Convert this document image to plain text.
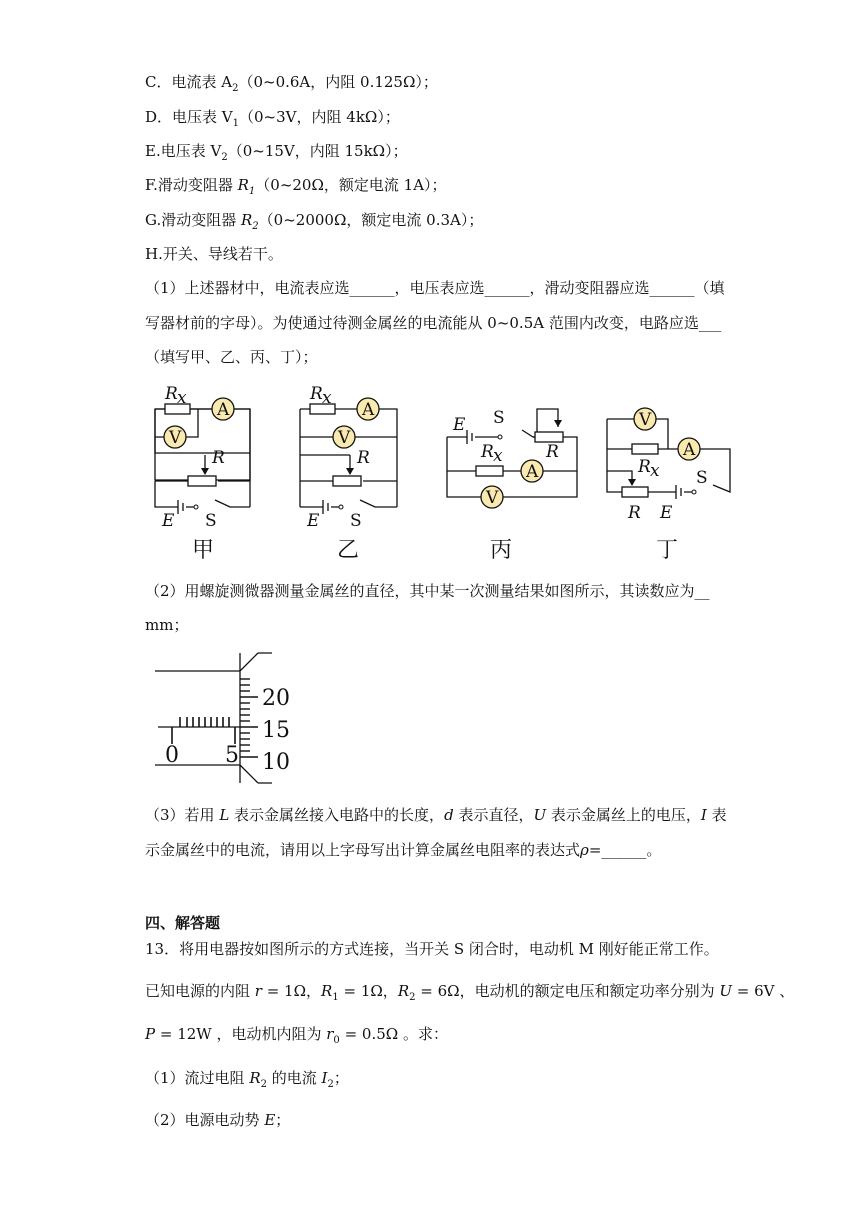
C．电流表 $A_2(0\sim 0.6A$，内阻 0.125Ω）；
D．电压表 $V_1(0\sim 3V$，内阻 4kΩ）；
E.电压表 $V_2(0\sim 15V$，内阻 15kΩ）；
F.滑动变阻器 $R_1(0\sim 20\Omega$，额定电流 1A）；
G.滑动变阻器 $R_2(0\sim 2000\Omega$，额定电流 0.3A）；
H.开关、导线若干。
（1）上述器材中，电流表应选______，电压表应选______，滑动变阻器应选______（填
写器材前的字母）。为使通过待测金属丝的电流能从 0~0.5A 范围内改变，电路应选___
（填写甲、乙、丙、丁）；
A
V
R x
R
E S
甲
A
V
R x
R
E S
乙
A
V
E S
R x	R
丙
V
A
R x S
R E
丁
（2）用螺旋测微器测量金属丝的直径，其中某一次测量结果如图所示，其读数应为__
mm；
0 5
20
15
10
（3）若用 L 表示金属丝接入电路中的长度，d 表示直径，U 表示金属丝上的电压，I 表
示金属丝中的电流，请用以上字母写出计算金属丝电阻率的表达式ρ=______。
四、解答题
13．将用电器按如图所示的方式连接，当开关 S 闭合时，电动机 M 刚好能正常工作。
已知电源的内阻 r = 1Ω，$R_1 = 1\Omega$，$R_2 = 6\Omega$，电动机的额定电压和额定功率分别为 U = 6V 、
P = 12W ，电动机内阻为 $r_0 = 0.5\Omega$ 。求：
（1）流过电阻 $R_2$ 的电流 $I_2$；
（2）电源电动势 E；
